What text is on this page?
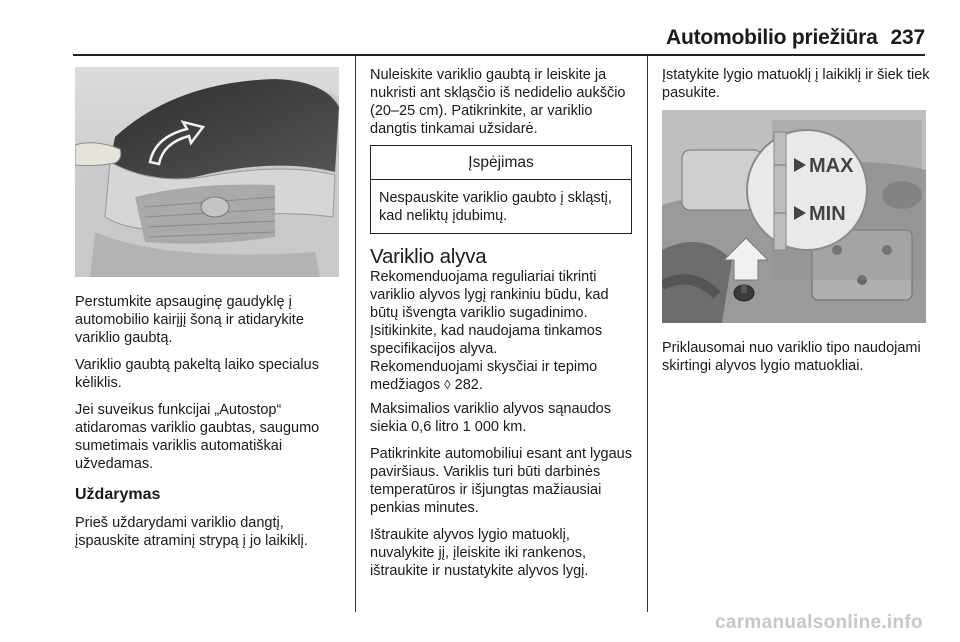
Automobilio priežiūra 237

Perstumkite apsauginę gaudyklę į automobilio kairįjį šoną ir atidarykite variklio gaubtą.

Variklio gaubtą pakeltą laiko specialus kėliklis.

Jei suveikus funkcijai „Autostop“ atidaromas variklio gaubtas, saugumo sumetimais variklis automatiškai užvedamas.

Uždarymas

Prieš uždarydami variklio dangtį, įspauskite atraminį strypą į jo laikiklį.

Nuleiskite variklio gaubtą ir leiskite ja nukristi ant skląsčio iš nedidelio aukščio (20–25 cm). Patikrinkite, ar variklio dangtis tinkamai užsidarė.

Įspėjimas
Nespauskite variklio gaubto į skląstį, kad neliktų įdubimų.
Variklio alyva

Rekomenduojama reguliariai tikrinti variklio alyvos lygį rankiniu būdu, kad būtų išvengta variklio sugadinimo.
Įsitikinkite, kad naudojama tinkamos specifikacijos alyva.
Rekomenduojami skysčiai ir tepimo medžiagos ◊ 282.

Maksimalios variklio alyvos sąnaudos siekia 0,6 litro 1 000 km.

Patikrinkite automobiliui esant ant lygaus paviršiaus. Variklis turi būti darbinės temperatūros ir išjungtas mažiausiai penkias minutes.

Ištraukite alyvos lygio matuoklį, nuvalykite jį, įleiskite iki rankenos, ištraukite ir nustatykite alyvos lygį.

Įstatykite lygio matuoklį į laikiklį ir šiek tiek pasukite.

MAX
MIN

Priklausomai nuo variklio tipo naudojami skirtingi alyvos lygio matuokliai.

carmanualsonline.info
